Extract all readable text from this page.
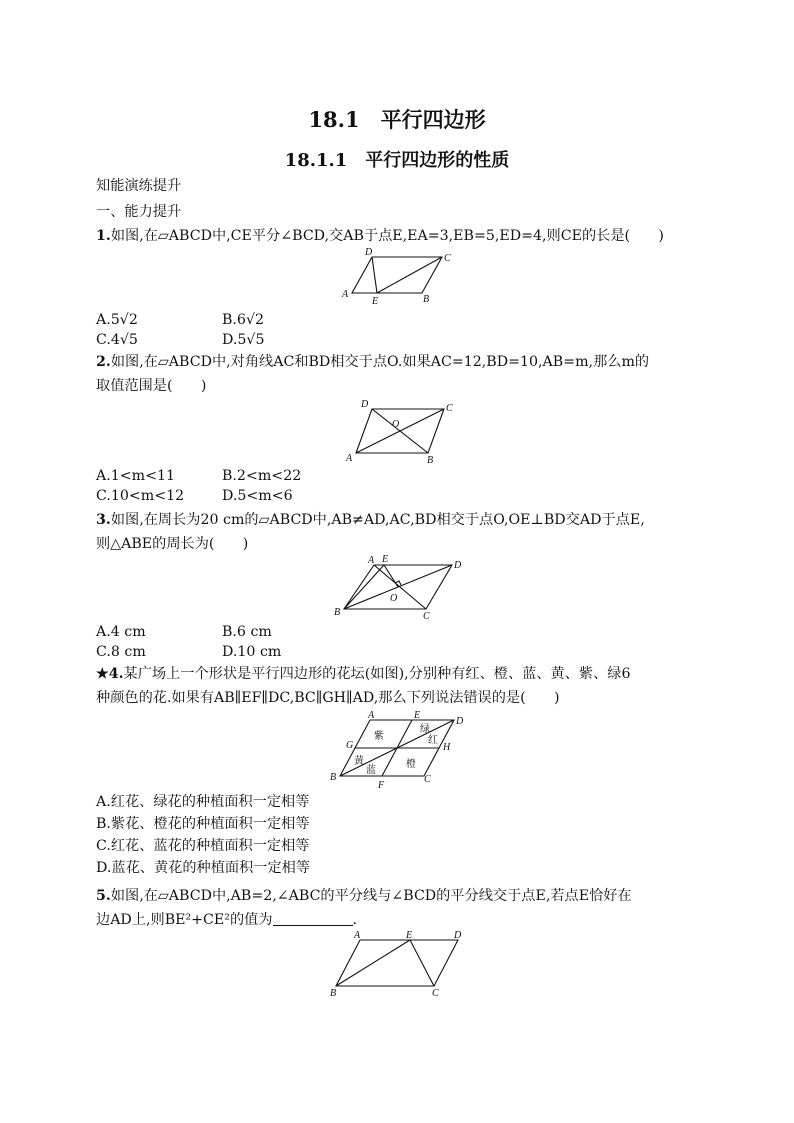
18.1　平行四边形
18.1.1　平行四边形的性质
知能演练提升
一、能力提升
1.如图,在▱ABCD中,CE平分∠BCD,交AB于点E,EA=3,EB=5,ED=4,则CE的长是(　　)
A	B
C
D
E
A.5√2	B.6√2
C.4√5	D.5√5
2.如图,在▱ABCD中,对角线AC和BD相交于点O.如果AC=12,BD=10,AB=m,那么m的
取值范围是(　　)
A	B
C
D
O
A.1<m<11	B.2<m<22
C.10<m<12	D.5<m<6
3.如图,在周长为20 cm的▱ABCD中,AB≠AD,AC,BD相交于点O,OE⊥BD交AD于点E,
则△ABE的周长为(　　)
A
B	C
D
E
O
A.4 cm	B.6 cm
C.8 cm	D.10 cm
★4.某广场上一个形状是平行四边形的花坛(如图),分别种有红、橙、蓝、黄、紫、绿6
种颜色的花.如果有AB∥EF∥DC,BC∥GH∥AD,那么下列说法错误的是(　　)
A
B	C
D
E
F
G	H
紫
绿
红
黄	橙
蓝
A.红花、绿花的种植面积一定相等
B.紫花、橙花的种植面积一定相等
C.红花、蓝花的种植面积一定相等
D.蓝花、黄花的种植面积一定相等
5.如图,在▱ABCD中,AB=2,∠ABC的平分线与∠BCD的平分线交于点E,若点E恰好在
边AD上,则BE²+CE²的值为	.
A
B	C
D
E
